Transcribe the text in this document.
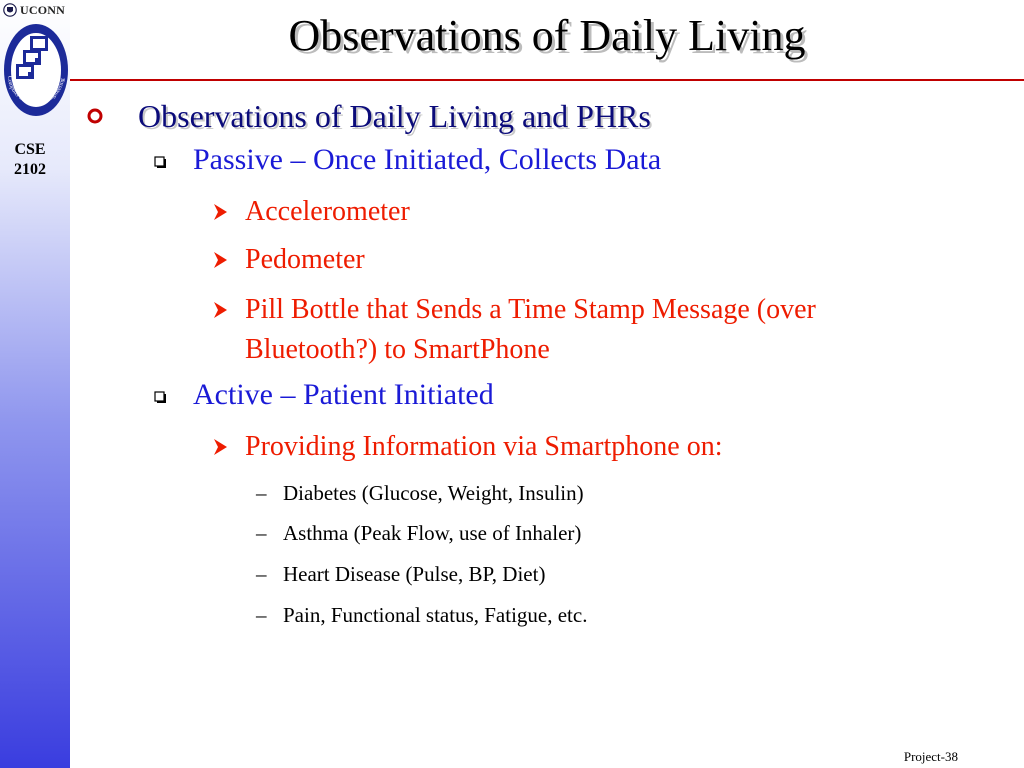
UCONN
Computer Science and Engineering
CSE
2102
Observations of Daily Living
Observations of Daily Living and PHRs
Passive – Once Initiated, Collects Data
Accelerometer
Pedometer
Pill Bottle that Sends a Time Stamp Message (over
Bluetooth?) to SmartPhone
Active – Patient Initiated
Providing Information via Smartphone on:
– Diabetes (Glucose, Weight, Insulin)
– Asthma (Peak Flow, use of Inhaler)
– Heart Disease (Pulse, BP, Diet)
– Pain, Functional status, Fatigue, etc.
Project-38
